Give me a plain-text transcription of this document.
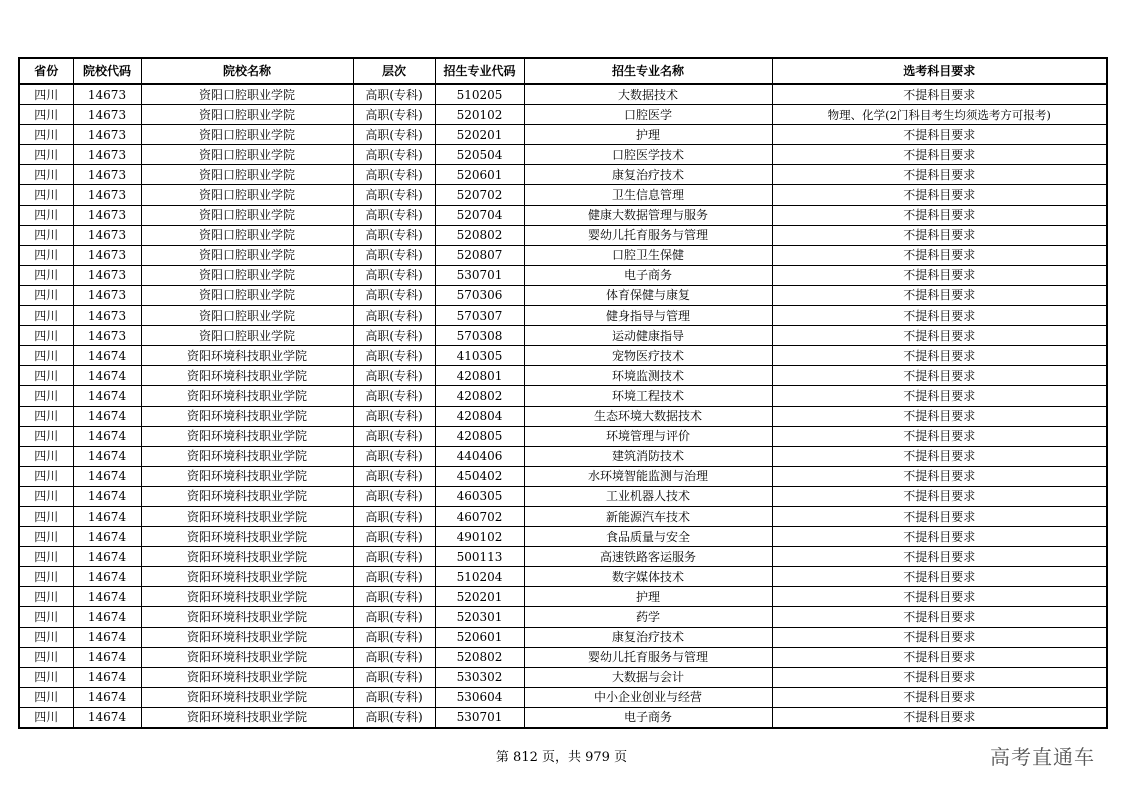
省份	院校代码	院校名称	层次	招生专业代码	招生专业名称	选考科目要求
四川	14673	资阳口腔职业学院	高职(专科)	510205	大数据技术	不提科目要求
四川	14673	资阳口腔职业学院	高职(专科)	520102	口腔医学	物理、化学(2门科目考生均须选考方可报考)
四川	14673	资阳口腔职业学院	高职(专科)	520201	护理	不提科目要求
四川	14673	资阳口腔职业学院	高职(专科)	520504	口腔医学技术	不提科目要求
四川	14673	资阳口腔职业学院	高职(专科)	520601	康复治疗技术	不提科目要求
四川	14673	资阳口腔职业学院	高职(专科)	520702	卫生信息管理	不提科目要求
四川	14673	资阳口腔职业学院	高职(专科)	520704	健康大数据管理与服务	不提科目要求
四川	14673	资阳口腔职业学院	高职(专科)	520802	婴幼儿托育服务与管理	不提科目要求
四川	14673	资阳口腔职业学院	高职(专科)	520807	口腔卫生保健	不提科目要求
四川	14673	资阳口腔职业学院	高职(专科)	530701	电子商务	不提科目要求
四川	14673	资阳口腔职业学院	高职(专科)	570306	体育保健与康复	不提科目要求
四川	14673	资阳口腔职业学院	高职(专科)	570307	健身指导与管理	不提科目要求
四川	14673	资阳口腔职业学院	高职(专科)	570308	运动健康指导	不提科目要求
四川	14674	资阳环境科技职业学院	高职(专科)	410305	宠物医疗技术	不提科目要求
四川	14674	资阳环境科技职业学院	高职(专科)	420801	环境监测技术	不提科目要求
四川	14674	资阳环境科技职业学院	高职(专科)	420802	环境工程技术	不提科目要求
四川	14674	资阳环境科技职业学院	高职(专科)	420804	生态环境大数据技术	不提科目要求
四川	14674	资阳环境科技职业学院	高职(专科)	420805	环境管理与评价	不提科目要求
四川	14674	资阳环境科技职业学院	高职(专科)	440406	建筑消防技术	不提科目要求
四川	14674	资阳环境科技职业学院	高职(专科)	450402	水环境智能监测与治理	不提科目要求
四川	14674	资阳环境科技职业学院	高职(专科)	460305	工业机器人技术	不提科目要求
四川	14674	资阳环境科技职业学院	高职(专科)	460702	新能源汽车技术	不提科目要求
四川	14674	资阳环境科技职业学院	高职(专科)	490102	食品质量与安全	不提科目要求
四川	14674	资阳环境科技职业学院	高职(专科)	500113	高速铁路客运服务	不提科目要求
四川	14674	资阳环境科技职业学院	高职(专科)	510204	数字媒体技术	不提科目要求
四川	14674	资阳环境科技职业学院	高职(专科)	520201	护理	不提科目要求
四川	14674	资阳环境科技职业学院	高职(专科)	520301	药学	不提科目要求
四川	14674	资阳环境科技职业学院	高职(专科)	520601	康复治疗技术	不提科目要求
四川	14674	资阳环境科技职业学院	高职(专科)	520802	婴幼儿托育服务与管理	不提科目要求
四川	14674	资阳环境科技职业学院	高职(专科)	530302	大数据与会计	不提科目要求
四川	14674	资阳环境科技职业学院	高职(专科)	530604	中小企业创业与经营	不提科目要求
四川	14674	资阳环境科技职业学院	高职(专科)	530701	电子商务	不提科目要求
第 812 页，共 979 页	高考直通车
